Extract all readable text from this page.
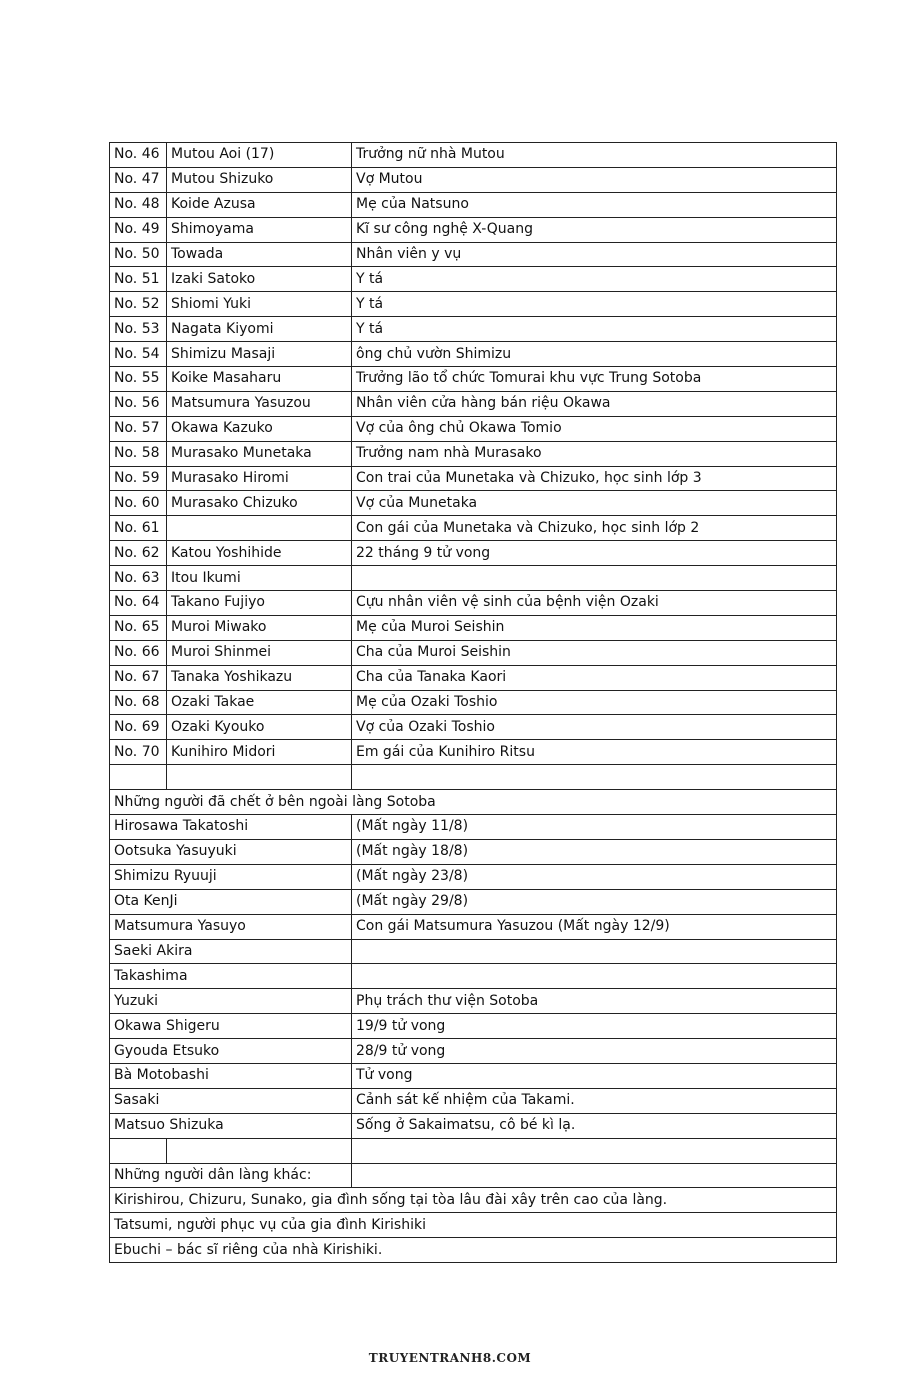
No. 46	Mutou Aoi (17)	Trưởng nữ nhà Mutou
No. 47	Mutou Shizuko	Vợ Mutou
No. 48	Koide Azusa	Mẹ của Natsuno
No. 49	Shimoyama	Kĩ sư công nghệ X-Quang
No. 50	Towada	Nhân viên y vụ
No. 51	Izaki Satoko	Y tá
No. 52	Shiomi Yuki	Y tá
No. 53	Nagata Kiyomi	Y tá
No. 54	Shimizu Masaji	ông chủ vườn Shimizu
No. 55	Koike Masaharu	Trưởng lão tổ chức Tomurai khu vực Trung Sotoba
No. 56	Matsumura Yasuzou	Nhân viên cửa hàng bán riệu Okawa
No. 57	Okawa Kazuko	Vợ của ông chủ Okawa Tomio
No. 58	Murasako Munetaka	Trưởng nam nhà Murasako
No. 59	Murasako Hiromi	Con trai của Munetaka và Chizuko, học sinh lớp 3
No. 60	Murasako Chizuko	Vợ của Munetaka
No. 61		Con gái của Munetaka và Chizuko, học sinh lớp 2
No. 62	Katou Yoshihide	22 tháng 9 tử vong
No. 63	Itou Ikumi	
No. 64	Takano Fujiyo	Cựu nhân viên vệ sinh của bệnh viện Ozaki
No. 65	Muroi Miwako	Mẹ của Muroi Seishin
No. 66	Muroi Shinmei	Cha của Muroi Seishin
No. 67	Tanaka Yoshikazu	Cha của Tanaka Kaori
No. 68	Ozaki Takae	Mẹ của Ozaki Toshio
No. 69	Ozaki Kyouko	Vợ của Ozaki Toshio
No. 70	Kunihiro Midori	Em gái của Kunihiro Ritsu

Những người đã chết ở bên ngoài làng Sotoba		
Hirosawa Takatoshi		(Mất ngày 11/8)
Ootsuka Yasuyuki		(Mất ngày 18/8)
Shimizu Ryuuji		(Mất ngày 23/8)
Ota KenJi		(Mất ngày 29/8)
Matsumura Yasuyo		Con gái Matsumura Yasuzou (Mất ngày 12/9)
Saeki Akira		
Takashima		
Yuzuki		Phụ trách thư viện Sotoba
Okawa Shigeru		19/9 tử vong
Gyouda Etsuko		28/9 tử vong
Bà Motobashi		Tử vong
Sasaki		Cảnh sát kế nhiệm của Takami.
Matsuo Shizuka		Sống ở Sakaimatsu, cô bé kì lạ.

Những người dân làng khác:		
Kirishirou, Chizuru, Sunako, gia đình sống tại tòa lâu đài xây trên cao của làng.		
Tatsumi, người phục vụ của gia đình Kirishiki		
Ebuchi – bác sĩ riêng của nhà Kirishiki.		
TRUYENTRANH8.COM
